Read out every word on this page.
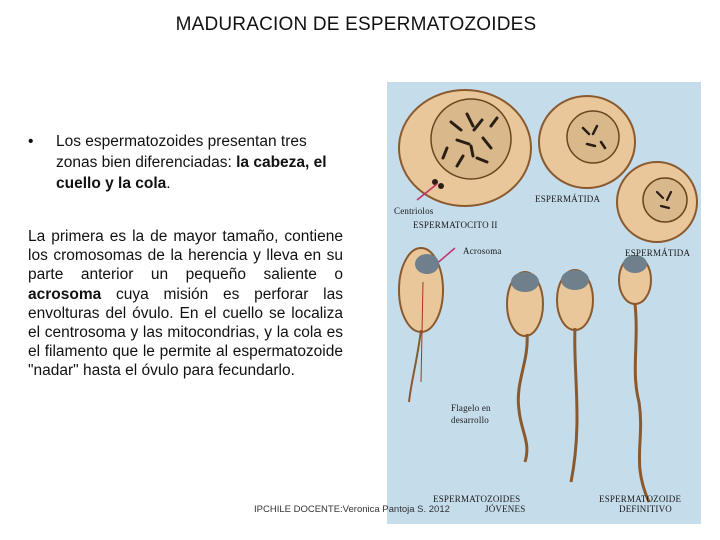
MADURACION DE ESPERMATOZOIDES
• Los espermatozoides presentan tres zonas bien diferenciadas: la cabeza, el cuello y la cola.
La primera es la de mayor tamaño, contiene los cromosomas de la herencia y lleva en su parte anterior un pequeño saliente o acrosoma cuya misión es perforar las envolturas del óvulo. En el cuello se localiza el centrosoma y las mitocondrias, y la cola es el filamento que le permite al espermatozoide "nadar" hasta el óvulo para fecundarlo.
Centriolos
ESPERMATOCITO II
ESPERMÁTIDA
Acrosoma	ESPERMÁTIDA
Flagelo en
desarrollo
ESPERMATOZOIDES
JÓVENES
ESPERMATOZOIDE
DEFINITIVO
IPCHILE DOCENTE:Veronica Pantoja S. 2012
